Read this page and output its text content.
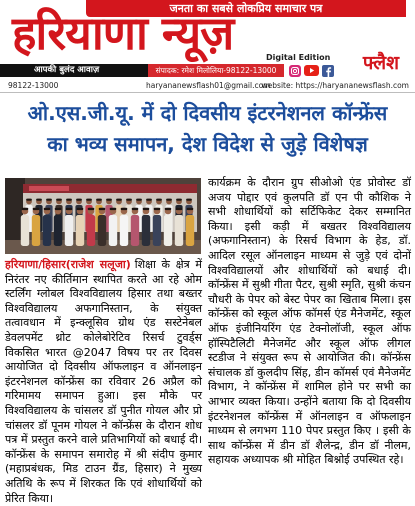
जनता का सबसे लोकप्रिय समाचार पत्र
हरियाणा न्यूज़	Digital Edition
आपकी बुलंद आवाज़	संपादक: रमेश मिलोलिया-98122-13000	फ्लैश
98122-13000	haryananewsflash01@gmail.com
website: https://haryananewsflash.com
ओ.एस.जी.यू. में दो दिवसीय इंटरनेशनल कॉन्फ्रेंस
का भव्य समापन, देश विदेश से जुड़े विशेषज्ञ
हरियाणा/हिसार(राजेश सलूजा) शिक्षा के क्षेत्र में निरंतर नए कीर्तिमान स्थापित करते आ रहे ओम स्टर्लिंग ग्लोबल विश्वविद्यालय हिसार तथा बख्तर विश्वविद्यालय अफगानिस्तान, के संयुक्त तत्वावधान में इन्क्लूसिव ग्रोथ एंड सस्टेनेबल डेवलपमेंट थ्रोट कोलेबोरेटिव रिसर्च टुवर्ड्स विकसित भारत @2047 विषय पर तर दिवस आयोजित दो दिवसीय ऑफलाइन व ऑनलाइन इंटरनेशनल कॉन्फ्रेंस का रविवार 26 अप्रैल को गरिमामय समापन हुआ। इस मौके पर विश्वविद्यालय के चांसलर डॉ पुनीत गोयल और प्रो चांसलर डॉ पूनम गोयल ने कॉन्फ्रेंस के दौरान शोध पत्र में प्रस्तुत करने वाले प्रतिभागियों को बधाई दी। कॉन्फ्रेंस के समापन समारोह में श्री संदीप कुमार (महाप्रबंधक, मिड टाउन ग्रैंड, हिसार) ने मुख्य अतिथि के रूप में शिरकत कि एवं शोधार्थियों को प्रेरित किया।
कार्यक्रम के दौरान ग्रुप सीओओ एंड प्रोवोस्ट डॉ अजय पोद्दार एवं कुलपति डॉ एन पी कौशिक ने सभी शोधार्थियों को सर्टिफिकेट देकर सम्मानित किया। इसी कड़ी में बखतर विश्वविद्यालय (अफगानिस्तान) के रिसर्च विभाग के हेड, डॉ. आदिल रसूल ऑनलाइन माध्यम से जुड़े एवं दोनों विश्वविद्यालयों और शोधार्थियों को बधाई दी। कॉन्फ्रेंस में सुश्री गीता पैटर, सुश्री स्मृति, सुश्री कंचन चौधरी के पेपर को बेस्ट पेपर का खिताब मिला। इस कॉन्फ्रेंस को स्कूल ऑफ कॉमर्स एंड मैनेजमेंट, स्कूल ऑफ इंजीनियरिंग एंड टेक्नोलॉजी, स्कूल ऑफ हॉस्पिटैलिटी मैनेजमेंट और स्कूल ऑफ लीगल स्टडीज ने संयुक्त रूप से आयोजित की। कॉन्फ्रेंस संचालक डॉ कुलदीप सिंह, डीन कॉमर्स एवं मैनेजमेंट विभाग, ने कॉन्फ्रेंस में शामिल होने पर सभी का आभार व्यक्त किया। उन्होंने बताया कि दो दिवसीय इंटरनेशनल कॉन्फ्रेंस में ऑनलाइन व ऑफलाइन माध्यम से लगभग 110 पेपर प्रस्तुत किए । इसी के साथ कॉन्फ्रेंस में डीन डॉ शैलेन्द्र, डीन डॉ नीलम, सहायक अध्यापक श्री मोहित बिश्नोई उपस्थित रहे।
